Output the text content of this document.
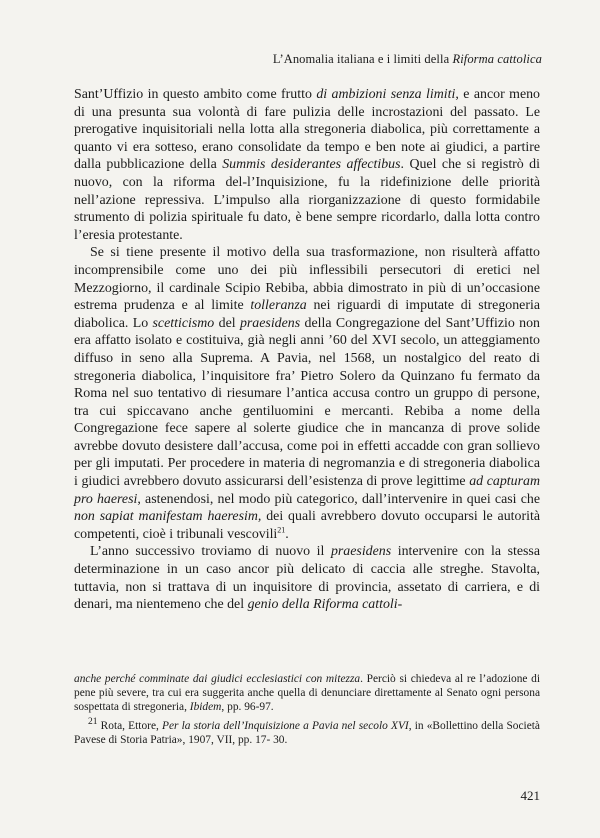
L’Anomalia italiana e i limiti della Riforma cattolica

Sant’Uffizio in questo ambito come frutto di ambizioni senza limiti, e ancor meno di una presunta sua volontà di fare pulizia delle incrostazioni del passato. Le prerogative inquisitoriali nella lotta alla stregoneria diabolica, più correttamente a quanto vi era sotteso, erano consolidate da tempo e ben note ai giudici, a partire dalla pubblicazione della Summis desiderantes affectibus. Quel che si registrò di nuovo, con la riforma del-l’Inquisizione, fu la ridefinizione delle priorità nell’azione repressiva. L’impulso alla riorganizzazione di questo formidabile strumento di polizia spirituale fu dato, è bene sempre ricordarlo, dalla lotta contro l’eresia protestante.

Se si tiene presente il motivo della sua trasformazione, non risulterà affatto incomprensibile come uno dei più inflessibili persecutori di eretici nel Mezzogiorno, il cardinale Scipio Rebiba, abbia dimostrato in più di un’occasione estrema prudenza e al limite tolleranza nei riguardi di imputate di stregoneria diabolica. Lo scetticismo del praesidens della Congregazione del Sant’Uffizio non era affatto isolato e costituiva, già negli anni ’60 del XVI secolo, un atteggiamento diffuso in seno alla Suprema. A Pavia, nel 1568, un nostalgico del reato di stregoneria diabolica, l’inquisitore fra’ Pietro Solero da Quinzano fu fermato da Roma nel suo tentativo di riesumare l’antica accusa contro un gruppo di persone, tra cui spiccavano anche gentiluomini e mercanti. Rebiba a nome della Congregazione fece sapere al solerte giudice che in mancanza di prove solide avrebbe dovuto desistere dall’accusa, come poi in effetti accadde con gran sollievo per gli imputati. Per procedere in materia di negromanzia e di stregoneria diabolica i giudici avrebbero dovuto assicurarsi dell’esistenza di prove legittime ad capturam pro haeresi, astenendosi, nel modo più categorico, dall’intervenire in quei casi che non sapiat manifestam haeresim, dei quali avrebbero dovuto occuparsi le autorità competenti, cioè i tribunali vescovili$^{21}$.

L’anno successivo troviamo di nuovo il praesidens intervenire con la stessa determinazione in un caso ancor più delicato di caccia alle streghe. Stavolta, tuttavia, non si trattava di un inquisitore di provincia, assetato di carriera, e di denari, ma nientemeno che del genio della Riforma cattoli-

anche perché comminate dai giudici ecclesiastici con mitezza. Perciò si chiedeva al re l’adozione di pene più severe, tra cui era suggerita anche quella di denunciare direttamente al Senato ogni persona sospettata di stregoneria, Ibidem, pp. 96-97.

$^{21}$ Rota, Ettore, Per la storia dell’Inquisizione a Pavia nel secolo XVI, in «Bollettino della Società Pavese di Storia Patria», 1907, VII, pp. 17- 30.

421
